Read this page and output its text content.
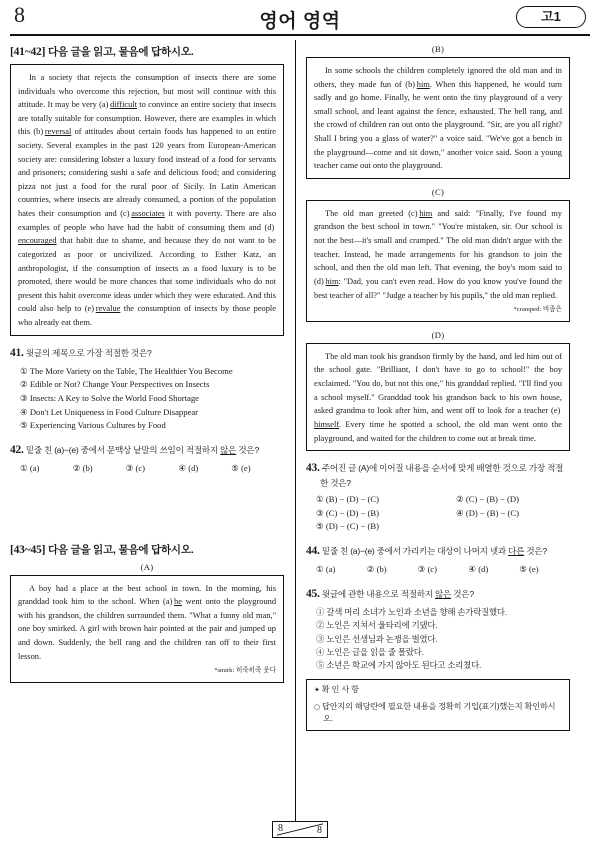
8	영어 영역	고1
[41~42] 다음 글을 읽고, 물음에 답하시오.

In a society that rejects the consumption of insects there are some individuals who overcome this rejection, but most will continue with this attitude. It may be very (a) difficult to convince an entire society that insects are totally suitable for consumption. However, there are examples in which this (b) reversal of attitudes about certain foods has happened to an entire society. Several examples in the past 120 years from European-American society are: considering lobster a luxury food instead of a food for servants and prisoners; considering sushi a safe and delicious food; and considering pizza not just a food for the rural poor of Sicily. In Latin American countries, where insects are already consumed, a portion of the population hates their consumption and (c) associates it with poverty. There are also examples of people who have had the habit of consuming them and (d) encouraged that habit due to shame, and because they do not want to be categorized as poor or uncivilized. According to Esther Katz, an anthropologist, if the consumption of insects as a food luxury is to be promoted, there would be more chances that some individuals who do not present this habit overcome ideas under which they were educated. And this could also help to (e) revalue the consumption of insects by those people who already eat them.

41. 윗글의 제목으로 가장 적절한 것은?
① The More Variety on the Table, The Healthier You Become
② Edible or Not? Change Your Perspectives on Insects
③ Insects: A Key to Solve the World Food Shortage
④ Don't Let Uniqueness in Food Culture Disappear
⑤ Experiencing Various Cultures by Food
42. 밑줄 친 (a)−(e) 중에서 문맥상 낱말의 쓰임이 적절하지 않은 것은?
① (a)	② (b)	③ (c)	④ (d)	⑤ (e)
[43~45] 다음 글을 읽고, 물음에 답하시오.
(A)

A boy had a place at the best school in town. In the morning, his granddad took him to the school. When (a) he went onto the playground with his grandson, the children surrounded them. "What a funny old man," one boy smirked. A girl with brown hair pointed at the pair and jumped up and down. Suddenly, the bell rang and the children ran off to their first lesson.

*smirk: 히죽히죽 웃다
(B)

In some schools the children completely ignored the old man and in others, they made fun of (b) him. When this happened, he would turn sadly and go home. Finally, he went onto the tiny playground of a very small school, and leant against the fence, exhausted. The bell rang, and the crowd of children ran out onto the playground. "Sir, are you all right? Shall I bring you a glass of water?" a voice said. "We've got a bench in the playground—come and sit down," another voice said. Soon a young teacher came out onto the playground.

(C)

The old man greeted (c) him and said: "Finally, I've found my grandson the best school in town." "You're mistaken, sir. Our school is not the best—it's small and cramped." The old man didn't argue with the teacher. Instead, he made arrangements for his grandson to join the school, and then the old man left. That evening, the boy's mom said to (d) him: "Dad, you can't even read. How do you know you've found the best teacher of all?" "Judge a teacher by his pupils," the old man replied.

*cramped: 비좁은
(D)

The old man took his grandson firmly by the hand, and led him out of the school gate. "Brilliant, I don't have to go to school!" the boy exclaimed. "You do, but not this one," his granddad replied. "I'll find you a school myself." Granddad took his grandson back to his own house, asked grandma to look after him, and went off to look for a teacher (e) himself. Every time he spotted a school, the old man went onto the playground, and waited for the children to come out at break time.

43. 주어진 글 (A)에 이어질 내용을 순서에 맞게 배열한 것으로 가장 적절한 것은?
① (B) − (D) − (C)	② (C) − (B) − (D)
③ (C) − (D) − (B)	④ (D) − (B) − (C)
⑤ (D) − (C) − (B)
44. 밑줄 친 (a)−(e) 중에서 가리키는 대상이 나머지 넷과 다른 것은?
① (a)	② (b)	③ (c)	④ (d)	⑤ (e)
45. 윗글에 관한 내용으로 적절하지 않은 것은?
① 갈색 머리 소녀가 노인과 소년을 향해 손가락질했다.
② 노인은 지쳐서 울타리에 기댔다.
③ 노인은 선생님과 논쟁을 벌였다.
④ 노인은 글을 읽을 줄 몰랐다.
⑤ 소년은 학교에 가지 않아도 된다고 소리쳤다.
✦ 확 인 사 항
○ 답안지의 해당란에 필요한 내용을 정확히 기입(표기)했는지 확인하시오.
8	8
